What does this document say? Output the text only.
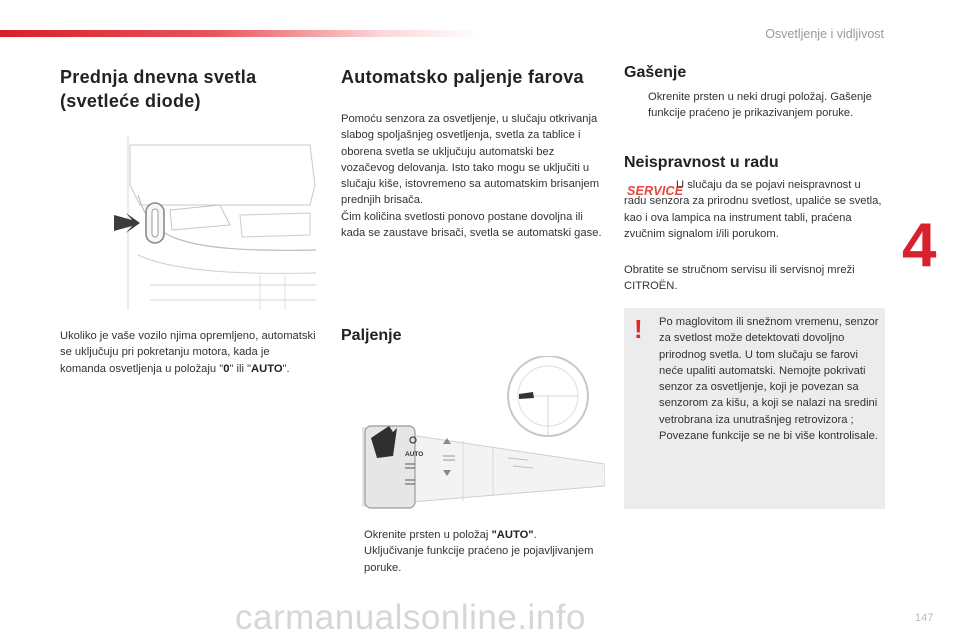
Osvetljenje i vidljivost
4
Prednja dnevna svetla
(svetleće diode)

Ukoliko je vaše vozilo njima opremljeno, automatski se uključuju pri pokretanju motora, kada je komanda osvetljenja u položaju "0" ili "AUTO".

Automatsko paljenje farova

Pomoću senzora za osvetljenje, u slučaju otkrivanja slabog spoljašnjeg osvetljenja, svetla za tablice i oborena svetla se uključuju automatski bez vozačevog delovanja. Isto tako mogu se uključiti u slučaju kiše, istovremeno sa automatskim brisanjem prednjih brisača.

Čim količina svetlosti ponovo postane dovoljna ili kada se zaustave brisači, svetla se automatski gase.

Paljenje
AUTO

Okrenite prsten u položaj "AUTO".
Uključivanje funkcije praćeno je pojavljivanjem poruke.

Gašenje

Okrenite prsten u neki drugi položaj. Gašenje funkcije praćeno je prikazivanjem poruke.

Neispravnost u radu
SERVICE

U slučaju da se pojavi neispravnost u radu senzora za prirodnu svetlost, upaliće se svetla, kao i ova lampica na instrument tabli, praćena zvučnim signalom i/ili porukom.

Obratite se stručnom servisu ili servisnoj mreži CITROËN.

! Po maglovitom ili snežnom vremenu, senzor za svetlost može detektovati dovoljno prirodnog svetla. U tom slučaju se farovi neće upaliti automatski. Nemojte pokrivati senzor za osvetljenje, koji je povezan sa senzorom za kišu, a koji se nalazi na sredini vetrobrana iza unutrašnjeg retrovizora ; Povezane funkcije se ne bi više kontrolisale.

carmanualsonline.info	147
